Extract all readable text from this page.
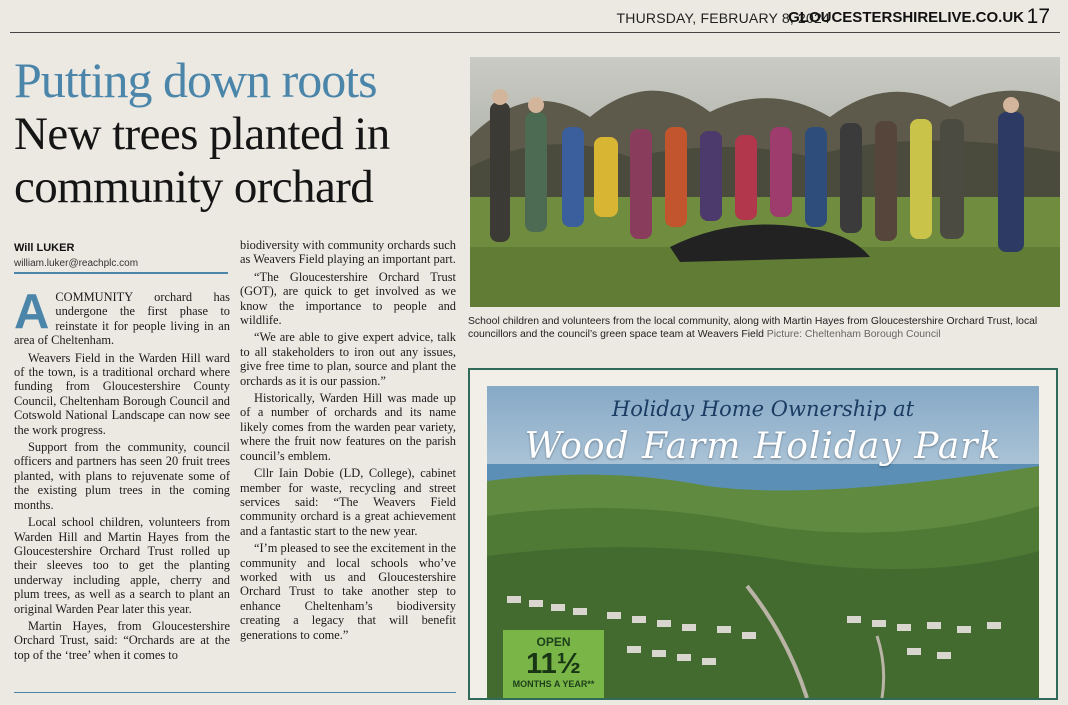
THURSDAY, FEBRUARY 8, 2024
GLOUCESTERSHIRELIVE.CO.UK 17
Putting down roots
New trees planted in community orchard
Will LUKER
william.luker@reachplc.com

ACOMMUNITY orchard has undergone the first phase to reinstate it for people living in an area of Cheltenham.

Weavers Field in the Warden Hill ward of the town, is a traditional orchard where funding from Gloucestershire County Council, Cheltenham Borough Council and Cotswold National Landscape can now see the work progress.

Support from the community, council officers and partners has seen 20 fruit trees planted, with plans to rejuvenate some of the existing plum trees in the coming months.

Local school children, volunteers from Warden Hill and Martin Hayes from the Gloucestershire Orchard Trust rolled up their sleeves too to get the planting underway including apple, cherry and plum trees, as well as a search to plant an original Warden Pear later this year.

Martin Hayes, from Gloucestershire Orchard Trust, said: “Orchards are at the top of the ‘tree’ when it comes to

biodiversity with community orchards such as Weavers Field playing an important part.

“The Gloucestershire Orchard Trust (GOT), are quick to get involved as we know the importance to people and wildlife.

“We are able to give expert advice, talk to all stakeholders to iron out any issues, give free time to plan, source and plant the orchards as it is our passion.”

Historically, Warden Hill was made up of a number of orchards and its name likely comes from the warden pear variety, where the fruit now features on the parish council’s emblem.

Cllr Iain Dobie (LD, College), cabinet member for waste, recycling and street services said: “The Weavers Field community orchard is a great achievement and a fantastic start to the new year.

“I’m pleased to see the excitement in the community and local schools who’ve worked with us and Gloucestershire Orchard Trust to take another step to enhance Cheltenham’s biodiversity creating a legacy that will benefit generations to come.”

School children and volunteers from the local community, along with Martin Hayes from Gloucestershire Orchard Trust, local councillors and the council’s green space team at Weavers Field Picture: Cheltenham Borough Council
Holiday Home Ownership at
Wood Farm Holiday Park
OPEN
11½
MONTHS A YEAR**
